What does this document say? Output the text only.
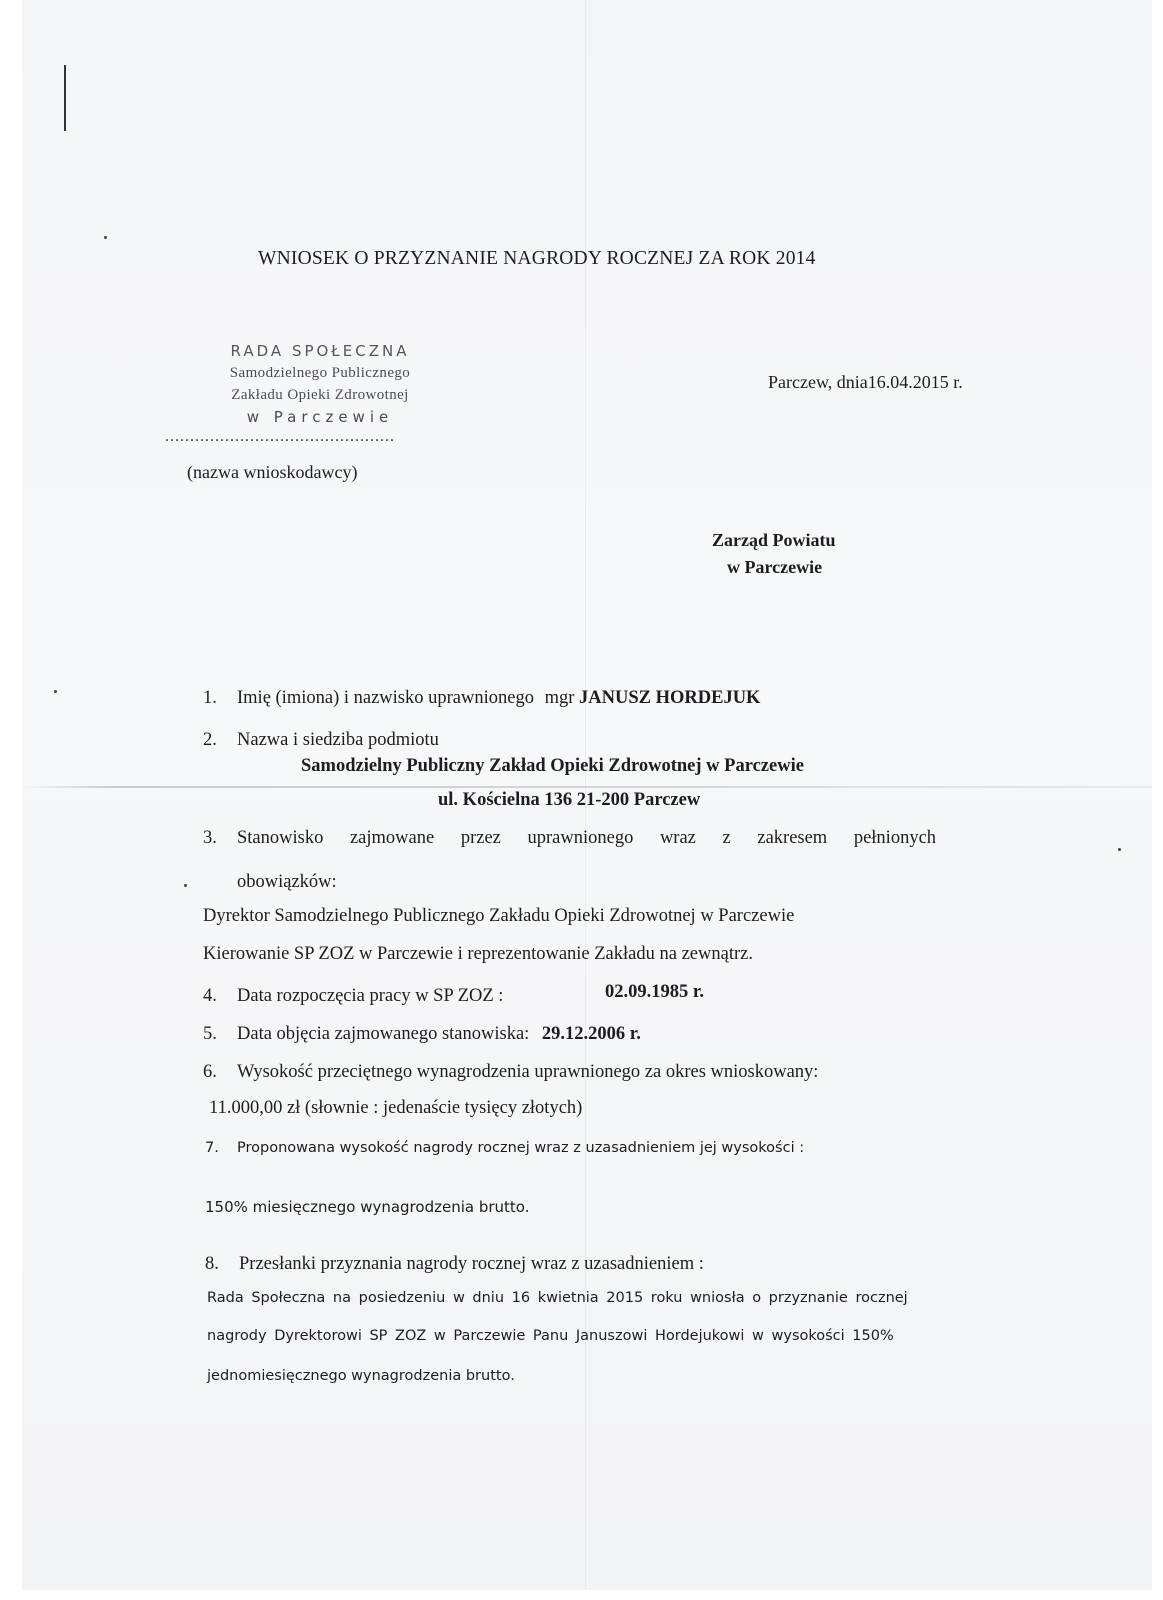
WNIOSEK O PRZYZNANIE NAGRODY ROCZNEJ ZA ROK 2014
RADA SPOŁECZNA
Samodzielnego Publicznego
Zakładu Opieki Zdrowotnej
w Parczewie
..............................................
(nazwa wnioskodawcy)
Parczew, dnia16.04.2015 r.
Zarząd Powiatu
w Parczewie
1. Imię (imiona) i nazwisko uprawnionego mgr JANUSZ HORDEJUK
2. Nazwa i siedziba podmiotu
Samodzielny Publiczny Zakład Opieki Zdrowotnej w Parczewie
ul. Kościelna 136 21-200 Parczew
3. Stanowisko zajmowane przez uprawnionego wraz z zakresem pełnionych
obowiązków:
Dyrektor Samodzielnego Publicznego Zakładu Opieki Zdrowotnej w Parczewie
Kierowanie SP ZOZ w Parczewie i reprezentowanie Zakładu na zewnątrz.
4. Data rozpoczęcia pracy w SP ZOZ :	02.09.1985 r.
5. Data objęcia zajmowanego stanowiska: 29.12.2006 r.
6. Wysokość przeciętnego wynagrodzenia uprawnionego za okres wnioskowany:
11.000,00 zł (słownie : jedenaście tysięcy złotych)
7. Proponowana wysokość nagrody rocznej wraz z uzasadnieniem jej wysokości :
150% miesięcznego wynagrodzenia brutto.
8. Przesłanki przyznania nagrody rocznej wraz z uzasadnieniem :
Rada Społeczna na posiedzeniu w dniu 16 kwietnia 2015 roku wniosła o przyznanie rocznej
nagrody Dyrektorowi SP ZOZ w Parczewie Panu Januszowi Hordejukowi w wysokości 150%
jednomiesięcznego wynagrodzenia brutto.
